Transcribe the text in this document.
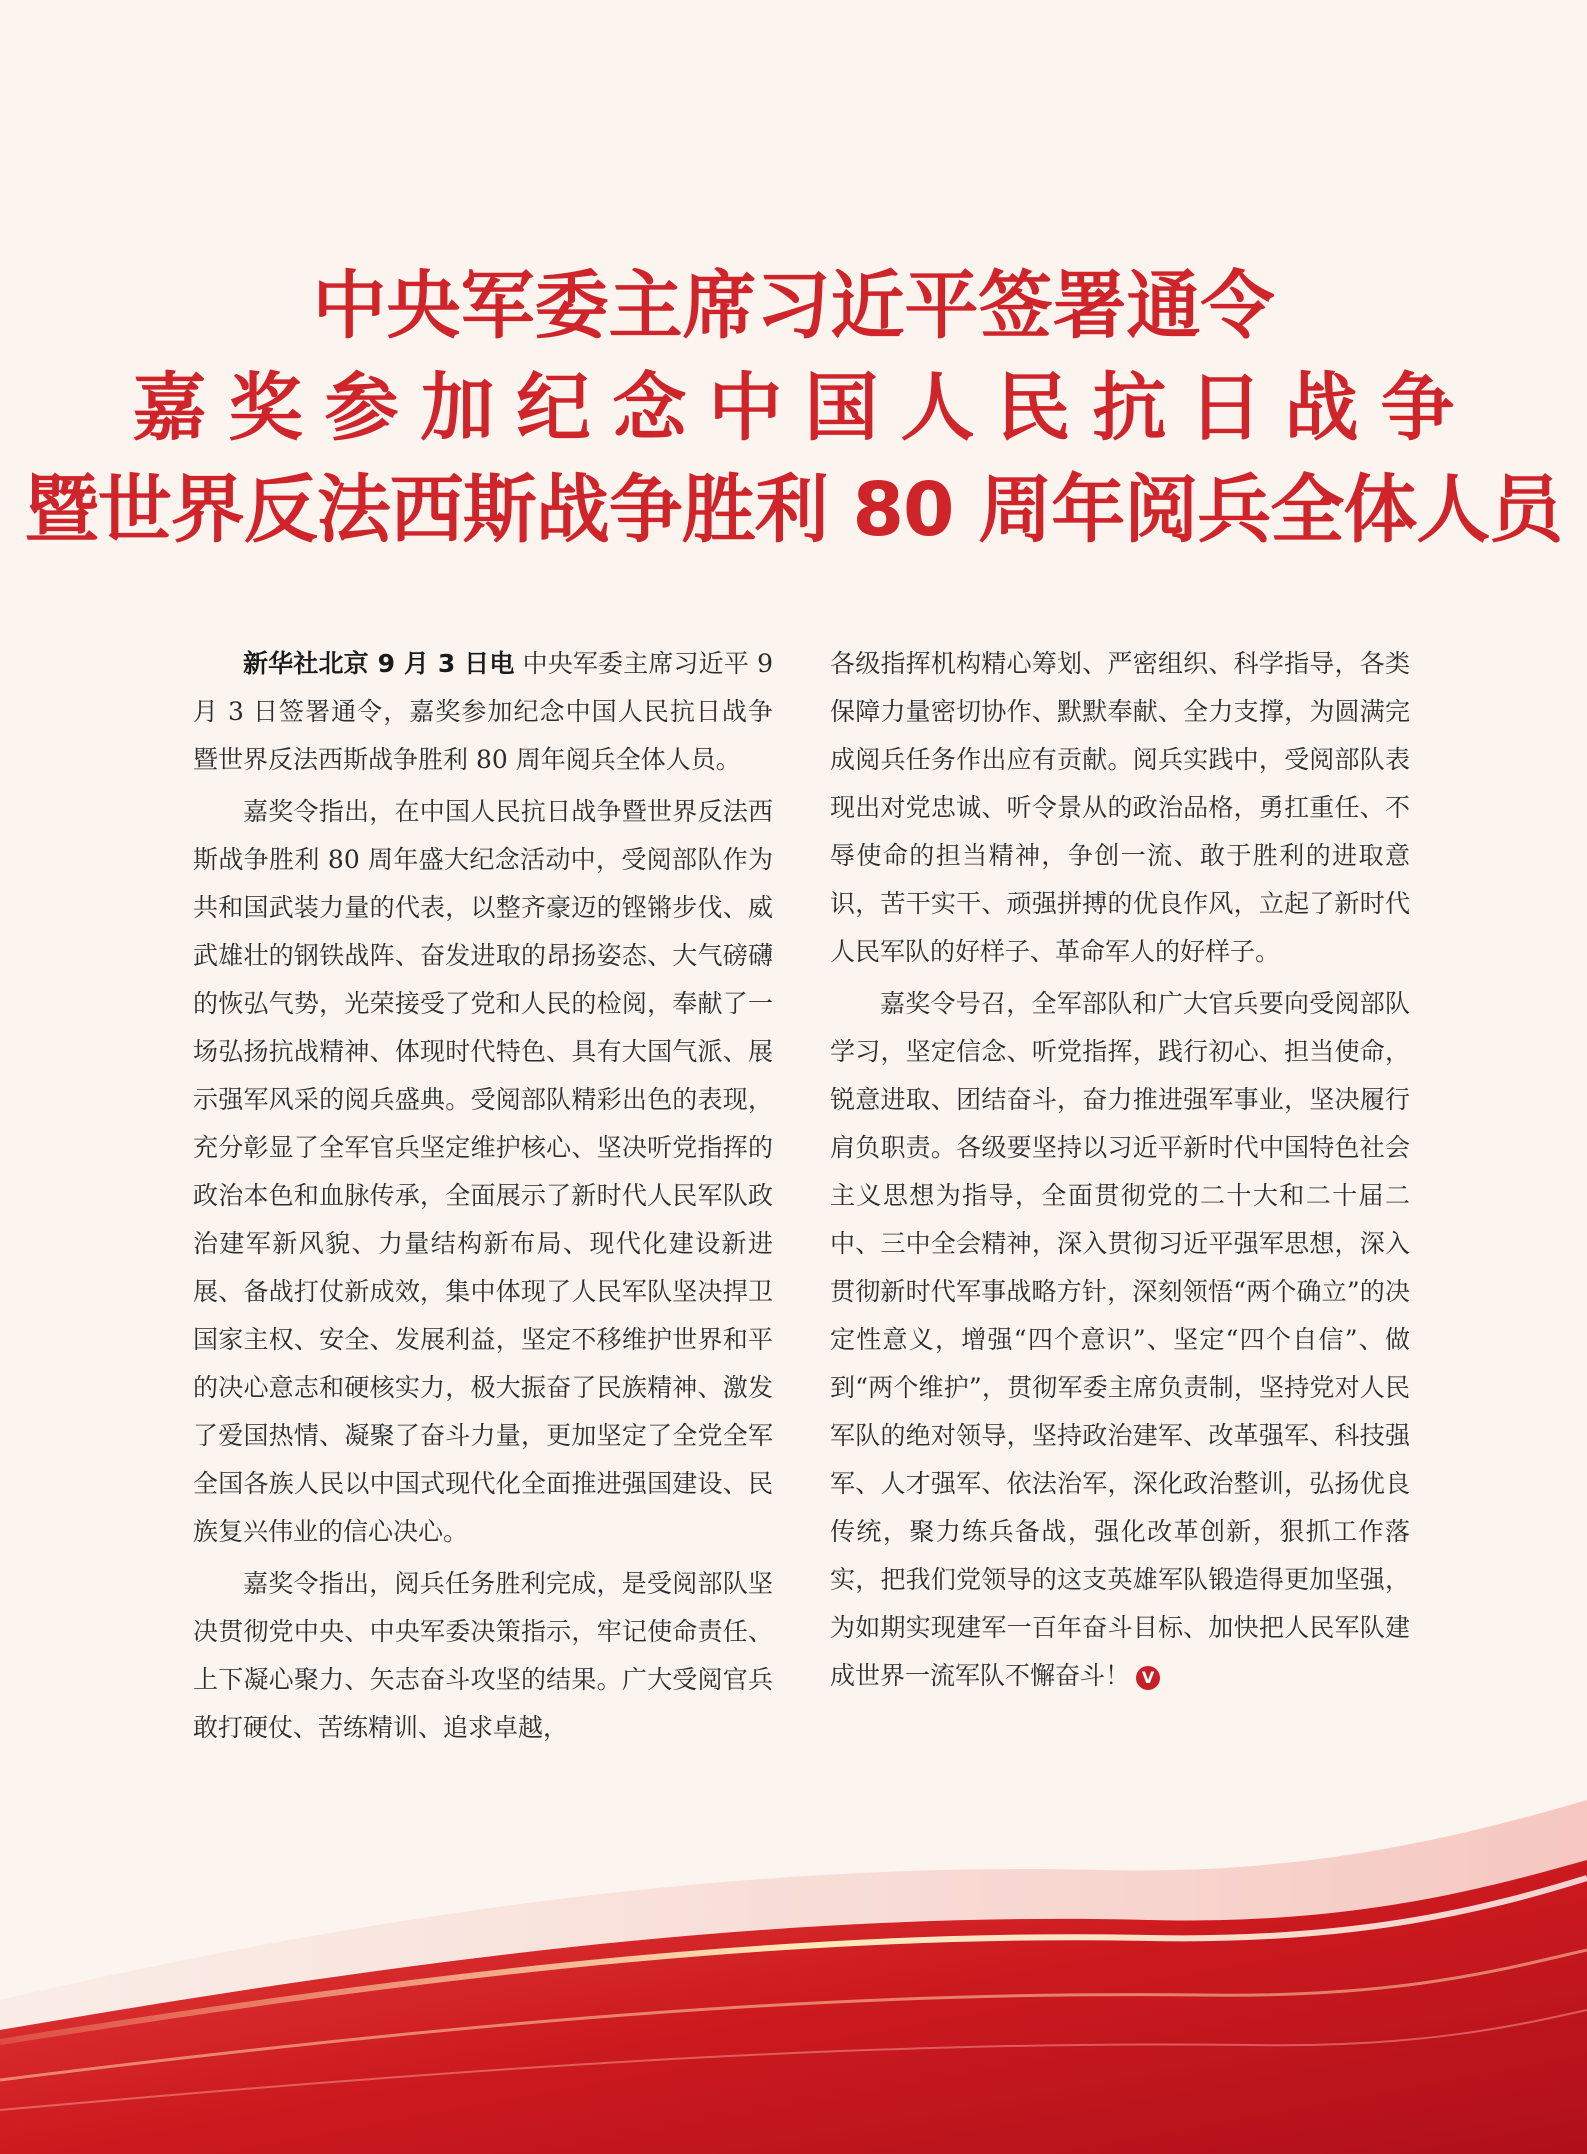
中央军委主席习近平签署通令
嘉奖参加纪念中国人民抗日战争
暨世界反法西斯战争胜利 80 周年阅兵全体人员

新华社北京 9 月 3 日电 中央军委主席习近平 9 月 3 日签署通令，嘉奖参加纪念中国人民抗日战争暨世界反法西斯战争胜利 80 周年阅兵全体人员。

嘉奖令指出，在中国人民抗日战争暨世界反法西斯战争胜利 80 周年盛大纪念活动中，受阅部队作为共和国武装力量的代表，以整齐豪迈的铿锵步伐、威武雄壮的钢铁战阵、奋发进取的昂扬姿态、大气磅礴的恢弘气势，光荣接受了党和人民的检阅，奉献了一场弘扬抗战精神、体现时代特色、具有大国气派、展示强军风采的阅兵盛典。受阅部队精彩出色的表现，充分彰显了全军官兵坚定维护核心、坚决听党指挥的政治本色和血脉传承，全面展示了新时代人民军队政治建军新风貌、力量结构新布局、现代化建设新进展、备战打仗新成效，集中体现了人民军队坚决捍卫国家主权、安全、发展利益，坚定不移维护世界和平的决心意志和硬核实力，极大振奋了民族精神、激发了爱国热情、凝聚了奋斗力量，更加坚定了全党全军全国各族人民以中国式现代化全面推进强国建设、民族复兴伟业的信心决心。

嘉奖令指出，阅兵任务胜利完成，是受阅部队坚决贯彻党中央、中央军委决策指示，牢记使命责任、上下凝心聚力、矢志奋斗攻坚的结果。广大受阅官兵敢打硬仗、苦练精训、追求卓越，

各级指挥机构精心筹划、严密组织、科学指导，各类保障力量密切协作、默默奉献、全力支撑，为圆满完成阅兵任务作出应有贡献。阅兵实践中，受阅部队表现出对党忠诚、听令景从的政治品格，勇扛重任、不辱使命的担当精神，争创一流、敢于胜利的进取意识，苦干实干、顽强拼搏的优良作风，立起了新时代人民军队的好样子、革命军人的好样子。

嘉奖令号召，全军部队和广大官兵要向受阅部队学习，坚定信念、听党指挥，践行初心、担当使命，锐意进取、团结奋斗，奋力推进强军事业，坚决履行肩负职责。各级要坚持以习近平新时代中国特色社会主义思想为指导，全面贯彻党的二十大和二十届二中、三中全会精神，深入贯彻习近平强军思想，深入贯彻新时代军事战略方针，深刻领悟“两个确立”的决定性意义，增强“四个意识”、坚定“四个自信”、做到“两个维护”，贯彻军委主席负责制，坚持党对人民军队的绝对领导，坚持政治建军、改革强军、科技强军、人才强军、依法治军，深化政治整训，弘扬优良传统，聚力练兵备战，强化改革创新，狠抓工作落实，把我们党领导的这支英雄军队锻造得更加坚强，为如期实现建军一百年奋斗目标、加快把人民军队建成世界一流军队不懈奋斗！ V
